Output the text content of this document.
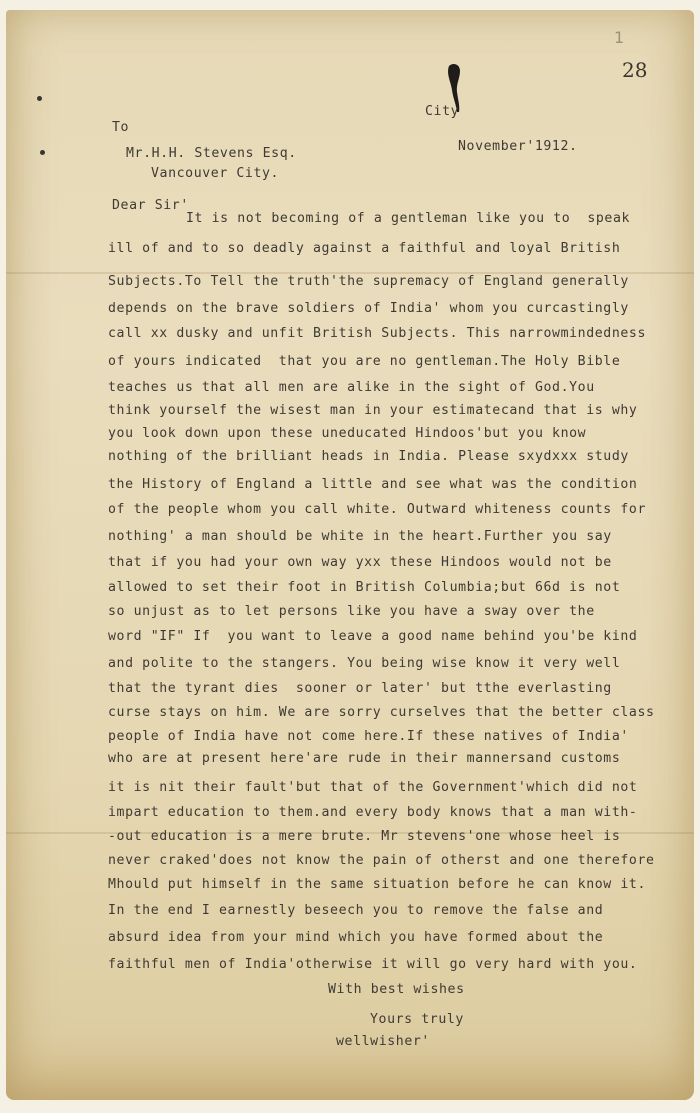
1
28
City
To
Mr.H.H. Stevens Esq.	November'1912.
Vancouver City.
Dear Sir'
It is not becoming of a gentleman like you to  speak
ill of and to so deadly against a faithful and loyal British
Subjects.To Tell the truth'the supremacy of England generally
depends on the brave soldiers of India' whom you curcastingly
call xx dusky and unfit British Subjects. This narrowmindedness
of yours indicated  that you are no gentleman.The Holy Bible
teaches us that all men are alike in the sight of God.You
think yourself the wisest man in your estimatecand that is why
you look down upon these uneducated Hindoos'but you know
nothing of the brilliant heads in India. Please sxydxxx study
the History of England a little and see what was the condition
of the people whom you call white. Outward whiteness counts for
nothing' a man should be white in the heart.Further you say
that if you had your own way yxx these Hindoos would not be
allowed to set their foot in British Columbia;but 66d is not
so unjust as to let persons like you have a sway over the
word "IF" If  you want to leave a good name behind you'be kind
and polite to the stangers. You being wise know it very well
that the tyrant dies  sooner or later' but tthe everlasting
curse stays on him. We are sorry curselves that the better class
people of India have not come here.If these natives of India'
who are at present here'are rude in their mannersand customs
it is nit their fault'but that of the Government'which did not
impart education to them.and every body knows that a man with-
-out education is a mere brute. Mr stevens'one whose heel is
never craked'does not know the pain of otherst and one therefore
Mhould put himself in the same situation before he can know it.
In the end I earnestly beseech you to remove the false and
absurd idea from your mind which you have formed about the
faithful men of India'otherwise it will go very hard with you.
With best wishes
Yours truly
wellwisher'
